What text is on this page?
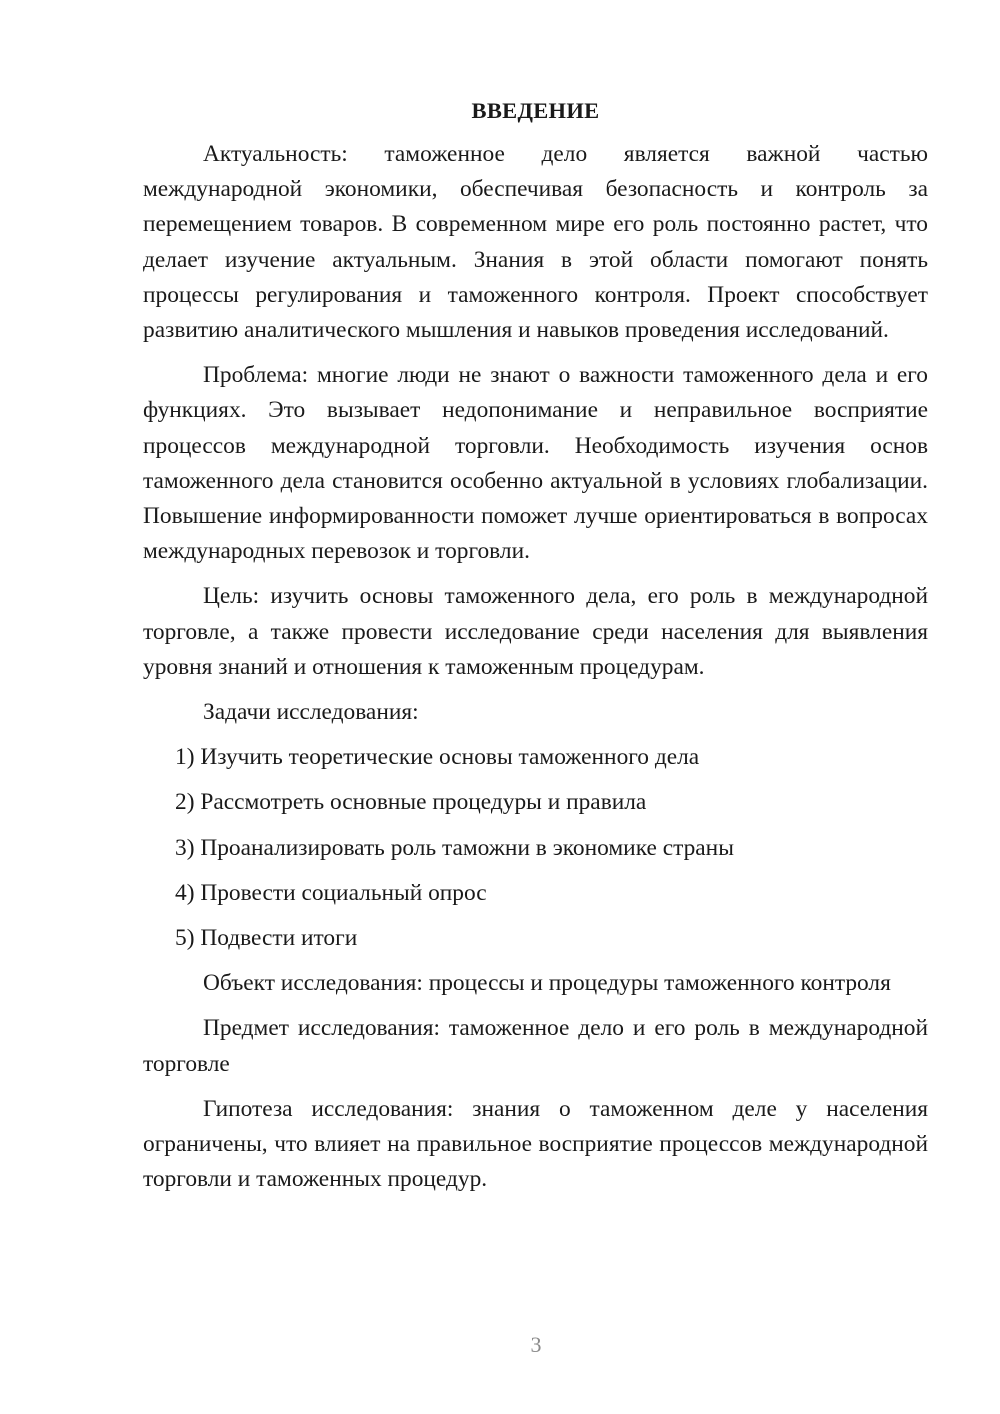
ВВЕДЕНИЕ

Актуальность: таможенное дело является важной частью международной экономики, обеспечивая безопасность и контроль за перемещением товаров. В современном мире его роль постоянно растет, что делает изучение актуальным. Знания в этой области помогают понять процессы регулирования и таможенного контроля. Проект способствует развитию аналитического мышления и навыков проведения исследований.

Проблема: многие люди не знают о важности таможенного дела и его функциях. Это вызывает недопонимание и неправильное восприятие процессов международной торговли. Необходимость изучения основ таможенного дела становится особенно актуальной в условиях глобализации. Повышение информированности поможет лучше ориентироваться в вопросах международных перевозок и торговли.

Цель: изучить основы таможенного дела, его роль в международной торговле, а также провести исследование среди населения для выявления уровня знаний и отношения к таможенным процедурам.

Задачи исследования:

1) Изучить теоретические основы таможенного дела
2) Рассмотреть основные процедуры и правила
3) Проанализировать роль таможни в экономике страны
4) Провести социальный опрос
5) Подвести итоги

Объект исследования: процессы и процедуры таможенного контроля

Предмет исследования: таможенное дело и его роль в международной торговле

Гипотеза исследования: знания о таможенном деле у населения ограничены, что влияет на правильное восприятие процессов международной торговли и таможенных процедур.

3
